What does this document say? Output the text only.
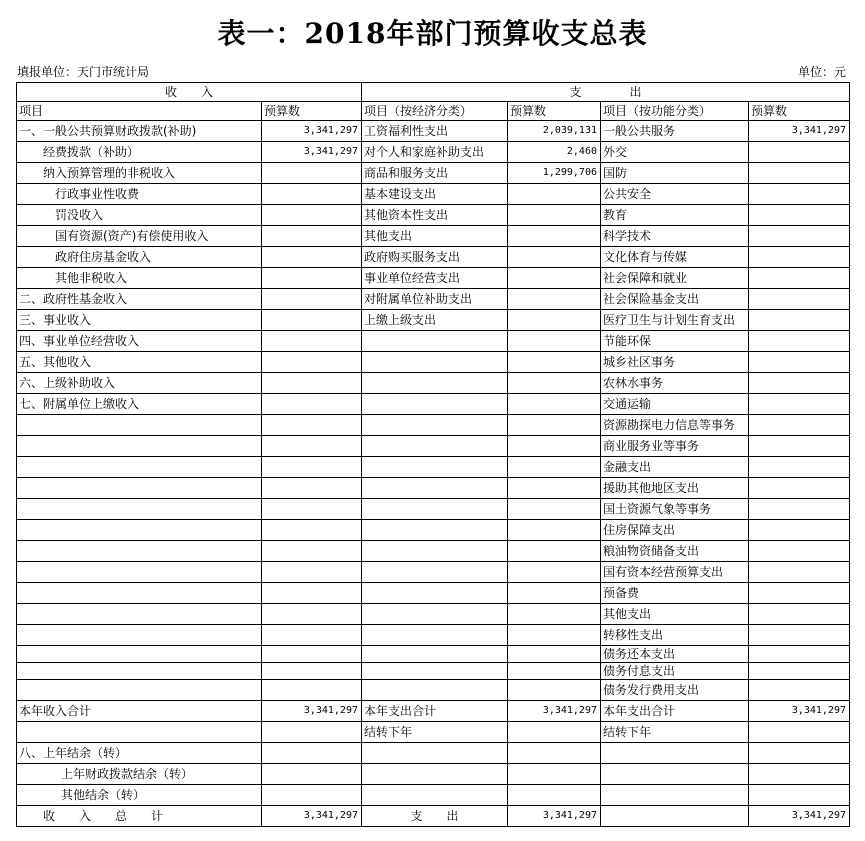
表一：2018年部门预算收支总表
填报单位：天门市统计局	单位：元
收　　入		支　　　　出			
项目	预算数	项目（按经济分类）	预算数	项目（按功能分类）	预算数
一、一般公共预算财政拨款(补助)	3,341,297	工资福利性支出	2,039,131	一般公共服务	3,341,297
经费拨款（补助）	3,341,297	对个人和家庭补助支出	2,460	外交	
纳入预算管理的非税收入		商品和服务支出	1,299,706	国防	
行政事业性收费		基本建设支出		公共安全	
罚没收入		其他资本性支出		教育	
国有资源(资产)有偿使用收入		其他支出		科学技术	
政府住房基金收入		政府购买服务支出		文化体育与传媒	
其他非税收入		事业单位经营支出		社会保障和就业	
二、政府性基金收入		对附属单位补助支出		社会保险基金支出	
三、事业收入		上缴上级支出		医疗卫生与计划生育支出	
四、事业单位经营收入				节能环保	
五、其他收入				城乡社区事务	
六、上级补助收入				农林水事务	
七、附属单位上缴收入				交通运输	
				资源勘探电力信息等事务	
				商业服务业等事务	
				金融支出	
				援助其他地区支出	
				国土资源气象等事务	
				住房保障支出	
				粮油物资储备支出	
				国有资本经营预算支出	
				预备费	
				其他支出	
				转移性支出	
				债务还本支出	
				债务付息支出	
				债务发行费用支出	
本年收入合计	3,341,297	本年支出合计	3,341,297	本年支出合计	3,341,297
		结转下年		结转下年	
八、上年结余（转）					
上年财政拨款结余（转）					
其他结余（转）					
收　　入　　总　　计	3,341,297	支　　出	3,341,297		3,341,297
